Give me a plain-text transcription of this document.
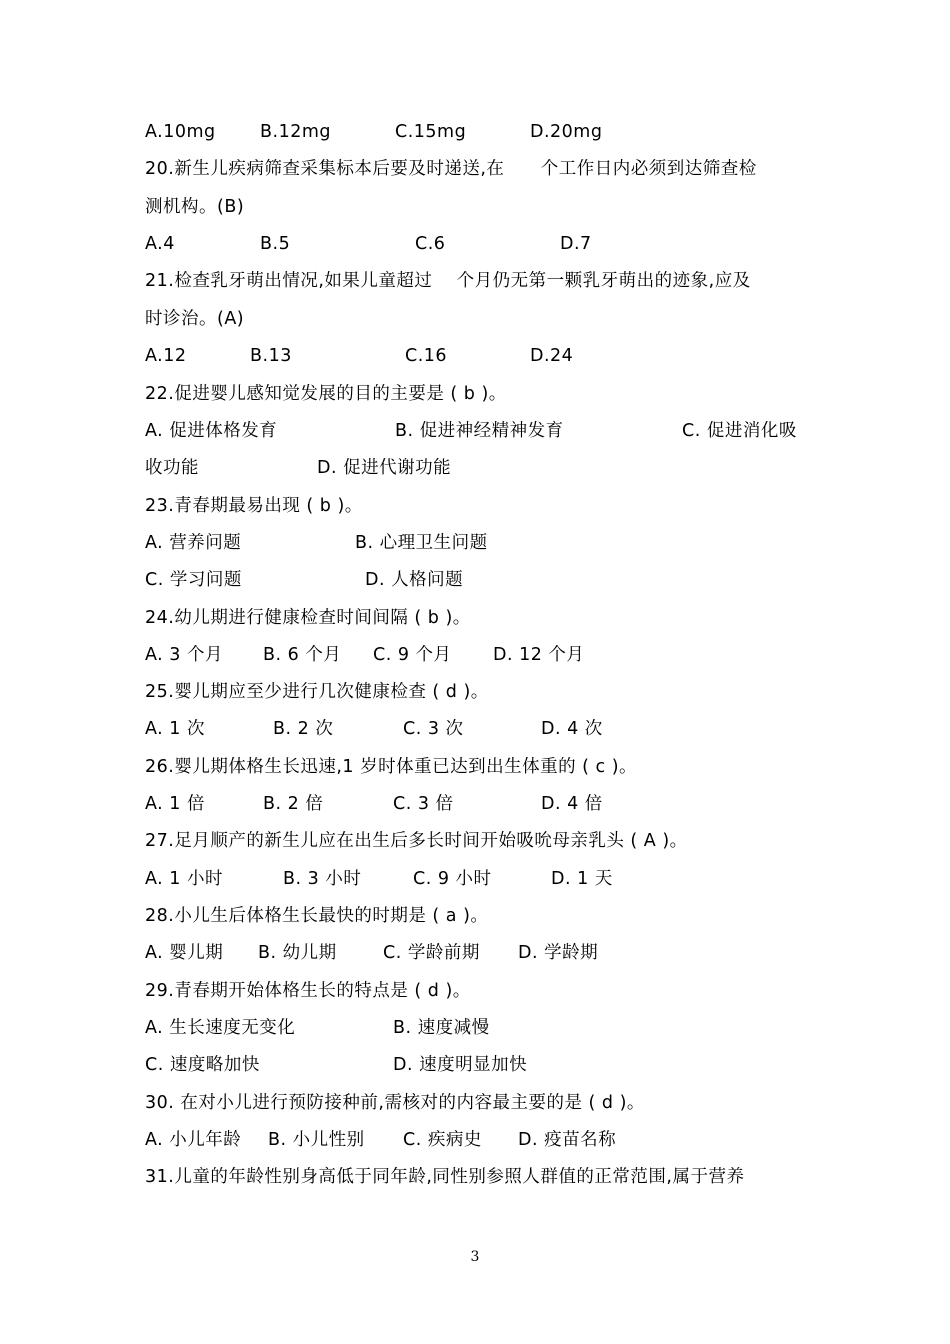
A.10mg	B.12mg	C.15mg	D.20mg
20.新生儿疾病筛查采集标本后要及时递送,在      个工作日内必须到达筛查检
测机构。(B)
A.4	B.5	C.6	D.7
21.检查乳牙萌出情况,如果儿童超过    个月仍无第一颗乳牙萌出的迹象,应及
时诊治。(A)
A.12	B.13	C.16	D.24
22.促进婴儿感知觉发展的目的主要是 ( b )。
A. 促进体格发育	B. 促进神经精神发育	C. 促进消化吸
收功能	D. 促进代谢功能
23.青春期最易出现 ( b )。
A. 营养问题	B. 心理卫生问题
C. 学习问题	D. 人格问题
24.幼儿期进行健康检查时间间隔 ( b )。
A. 3 个月 B. 6 个月 C. 9 个月 D. 12 个月
25.婴儿期应至少进行几次健康检查 ( d )。
A. 1 次	B. 2 次	C. 3 次	D. 4 次
26.婴儿期体格生长迅速,1 岁时体重已达到出生体重的 ( c )。
A. 1 倍	B. 2 倍	C. 3 倍	D. 4 倍
27.足月顺产的新生儿应在出生后多长时间开始吸吮母亲乳头 ( A )。
A. 1 小时	B. 3 小时	C. 9 小时	D. 1 天
28.小儿生后体格生长最快的时期是 ( a )。
A. 婴儿期 B. 幼儿期	C. 学龄前期 D. 学龄期
29.青春期开始体格生长的特点是 ( d )。
A. 生长速度无变化	B. 速度减慢
C. 速度略加快	D. 速度明显加快
30. 在对小儿进行预防接种前,需核对的内容最主要的是 ( d )。
A. 小儿年龄 B. 小儿性别 C. 疾病史 D. 疫苗名称
31.儿童的年龄性别身高低于同年龄,同性别参照人群值的正常范围,属于营养
3
